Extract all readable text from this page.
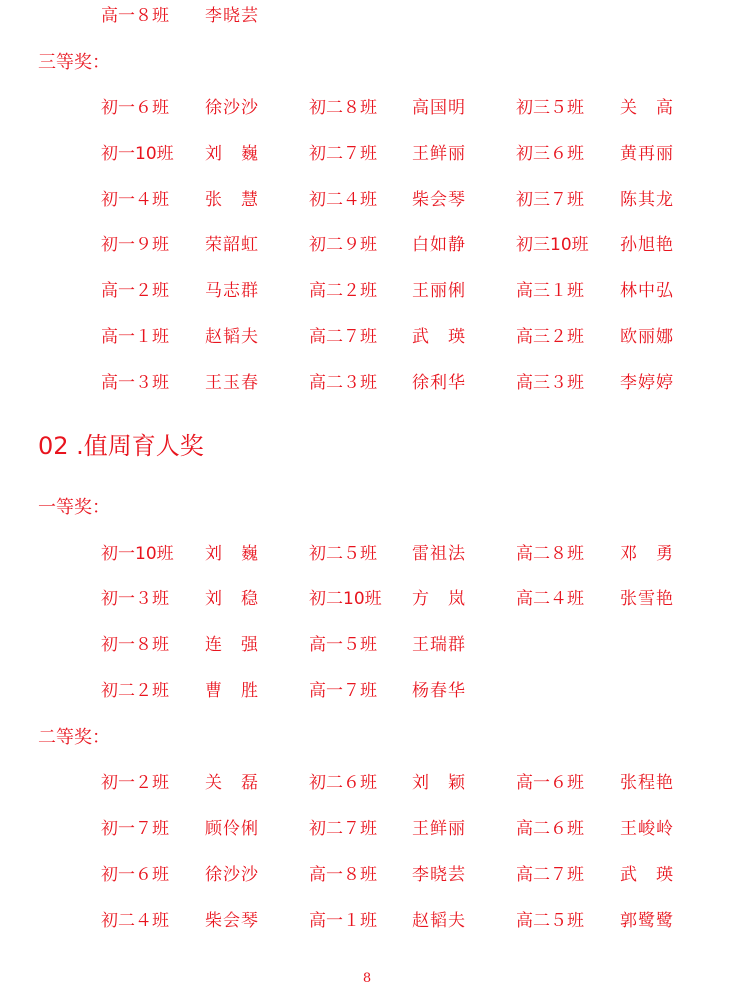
高一８班 李晓芸
三等奖：
初一６班 徐沙沙	初二８班 高国明	初三５班 关　高
初一10班 刘　巍	初二７班 王鲜丽	初三６班 黄再丽
初一４班 张　慧	初二４班 柴会琴	初三７班 陈其龙
初一９班 荣韶虹	初二９班 白如静	初三10班 孙旭艳
高一２班 马志群	高二２班 王丽俐	高三１班 林中弘
高一１班 赵韬夫	高二７班 武　瑛	高三２班 欧丽娜
高一３班 王玉春	高二３班 徐利华	高三３班 李婷婷
02 .值周育人奖
一等奖：
初一10班 刘　巍	初二５班 雷祖法	高二８班 邓　勇
初一３班 刘　稳	初二10班 方　岚	高二４班 张雪艳
初一８班 连　强	高一５班 王瑞群
初二２班 曹　胜	高一７班 杨春华
二等奖：
初一２班 关　磊	初二６班 刘　颖	高一６班 张程艳
初一７班 顾伶俐	初二７班 王鲜丽	高二６班 王峻岭
初一６班 徐沙沙	高一８班 李晓芸	高二７班 武　瑛
初二４班 柴会琴	高一１班 赵韬夫	高二５班 郭鹭鹭
8
